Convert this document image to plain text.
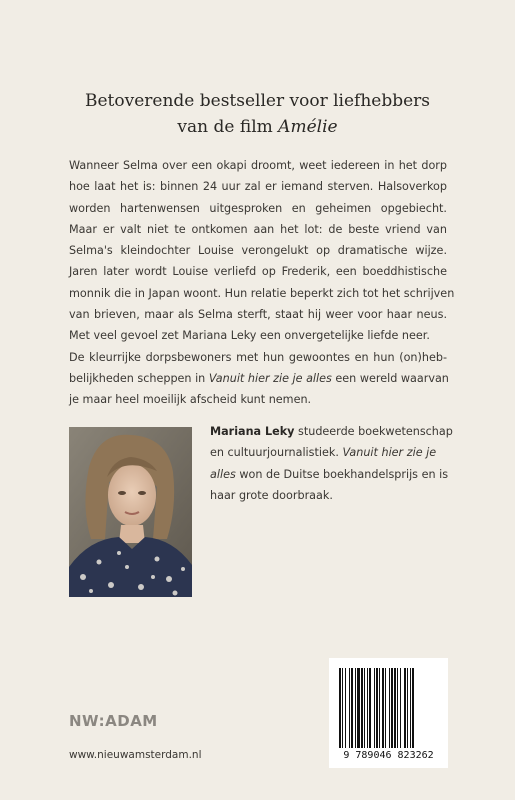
Betoverende bestseller voor liefhebbers
van de film Amélie
Wanneer Selma over een okapi droomt, weet iedereen in het dorp
hoe laat het is: binnen 24 uur zal er iemand sterven. Halsoverkop
worden hartenwensen uitgesproken en geheimen opgebiecht.
Maar er valt niet te ontkomen aan het lot: de beste vriend van
Selma's kleindochter Louise verongelukt op dramatische wijze.
Jaren later wordt Louise verliefd op Frederik, een boeddhistische
monnik die in Japan woont. Hun relatie beperkt zich tot het schrijven
van brieven, maar als Selma sterft, staat hij weer voor haar neus.
Met veel gevoel zet Mariana Leky een onvergetelijke liefde neer.
De kleurrijke dorpsbewoners met hun gewoontes en hun (on)heb-
belijkheden scheppen in Vanuit hier zie je alles een wereld waarvan
je maar heel moeilijk afscheid kunt nemen.
Mariana Leky studeerde boekwetenschap
en cultuurjournalistiek. Vanuit hier zie je
alles won de Duitse boekhandelsprijs en is
haar grote doorbraak.
NW:ADAM
www.nieuwamsterdam.nl	9 789046 823262
